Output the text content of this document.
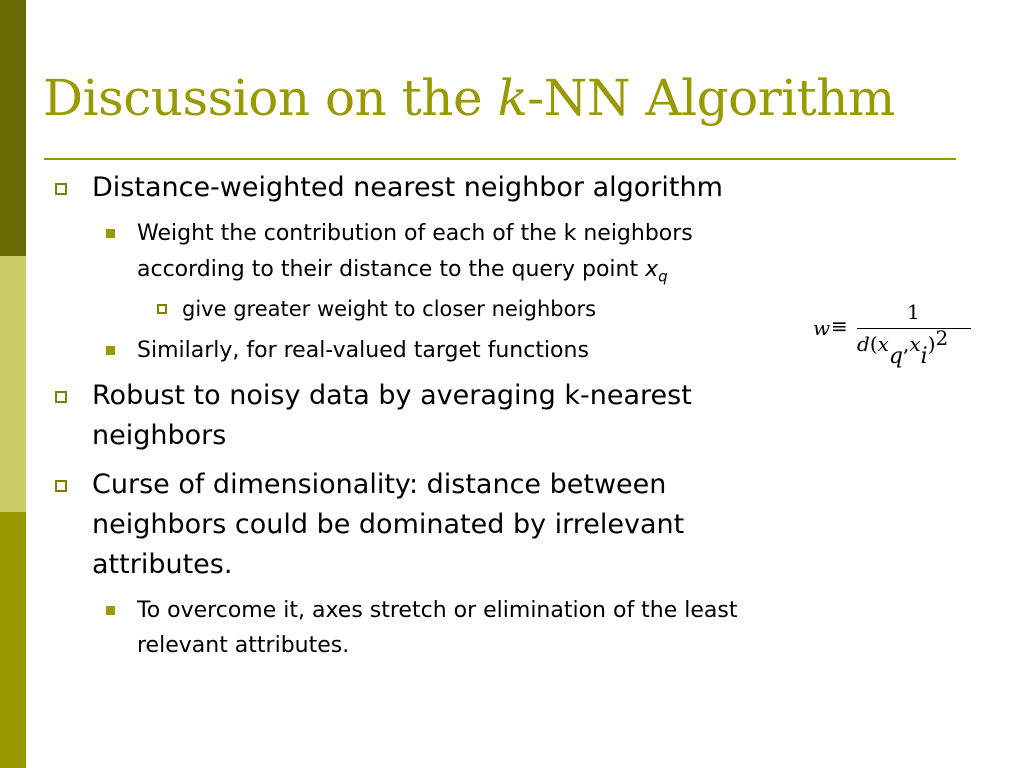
Discussion on the k-NN Algorithm
Distance-weighted nearest neighbor algorithm
Weight the contribution of each of the k neighbors
according to their distance to the query point $x_q$
give greater weight to closer neighbors
Similarly, for real-valued target functions
Robust to noisy data by averaging k-nearest
neighbors
Curse of dimensionality: distance between
neighbors could be dominated by irrelevant
attributes.
To overcome it, axes stretch or elimination of the least
relevant attributes.
w ≡
1
d(xq,xi)2
